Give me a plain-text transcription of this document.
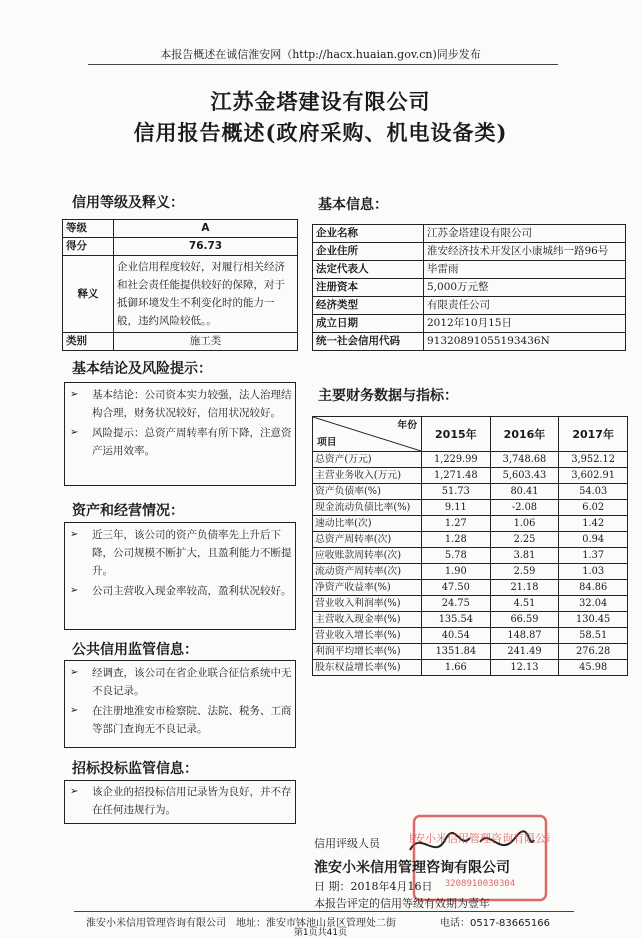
本报告概述在诚信淮安网（http://hacx.huaian.gov.cn)同步发布
江苏金塔建设有限公司
信用报告概述(政府采购、机电设备类)
信用等级及释义：
等级	A
得分	76.73
释义	企业信用程度较好，对履行相关经济和社会责任能提供较好的保障，对于抵御环境发生不利变化时的能力一般，违约风险较低。。
类别	施工类
基本信息：
企业名称	江苏金塔建设有限公司
企业住所	淮安经济技术开发区小康城纬一路96号
法定代表人	毕雷雨
注册资本	5,000万元整
经济类型	有限责任公司
成立日期	2012年10月15日
统一社会信用代码	91320891055193436N
基本结论及风险提示：
➢	基本结论：公司资本实力较强，法人治理结构合理，财务状况较好，信用状况较好。
➢	风险提示：总资产周转率有所下降，注意资产运用效率。
资产和经营情况：
➢	近三年，该公司的资产负债率先上升后下降，公司规模不断扩大，且盈利能力不断提升。
➢	公司主营收入现金率较高，盈利状况较好。
公共信用监管信息：
➢	经调查，该公司在省企业联合征信系统中无不良记录。
➢	在注册地淮安市检察院、法院、税务、工商等部门查询无不良记录。
招标投标监管信息：
➢	该企业的招投标信用记录皆为良好，并不存在任何违规行为。
主要财务数据与指标：
年份
项目	2015年	2016年	2017年
总资产(万元)	1,229.99	3,748.68	3,952.12
主营业务收入(万元)	1,271.48	5,603.43	3,602.91
资产负债率(%)	51.73	80.41	54.03
现金流动负债比率(%)	9.11	-2.08	6.02
速动比率(次)	1.27	1.06	1.42
总资产周转率(次)	1.28	2.25	0.94
应收账款周转率(次)	5.78	3.81	1.37
流动资产周转率(次)	1.90	2.59	1.03
净资产收益率(%)	47.50	21.18	84.86
营业收入利润率(%)	24.75	4.51	32.04
主营收入现金率(%)	135.54	66.59	130.45
营业收入增长率(%)	40.54	148.87	58.51
利润平均增长率(%)	1351.84	241.49	276.28
股东权益增长率(%)	1.66	12.13	45.98
信用评级人员 淮安小米信用管理咨询有限公司
3208910030304
淮安小米信用管理咨询有限公司
日 期：2018年4月16日
本报告评定的信用等级有效期为壹年
淮安小米信用管理咨询有限公司 地址：淮安市钵池山景区管理处二街	电话：0517-83665166
第1页共41页
